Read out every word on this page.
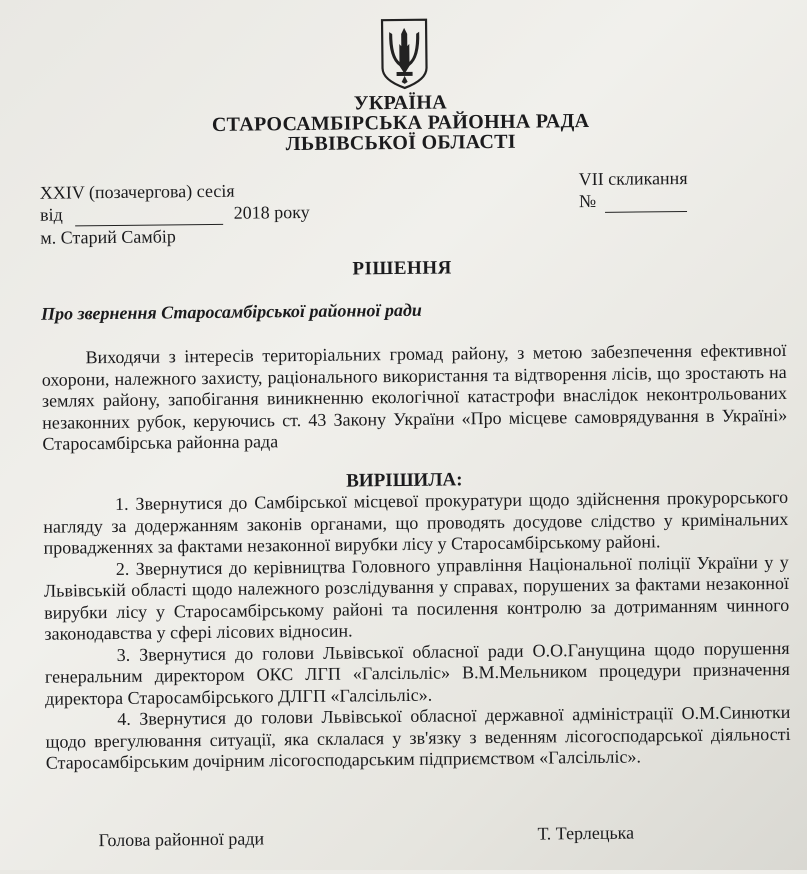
УКРАЇНА
СТАРОСАМБІРСЬКА РАЙОННА РАДА
ЛЬВІВСЬКОЇ ОБЛАСТІ
XXIV (позачергова) сесія
від	2018 року
м. Старий Самбір
VII скликання
№
РІШЕННЯ
Про звернення Старосамбірської районної ради
Виходячи з інтересів територіальних громад району, з метою забезпечення ефективної охорони, належного захисту, раціонального використання та відтворення лісів, що зростають на землях району, запобігання виникненню екологічної катастрофи внаслідок неконтрольованих незаконних рубок, керуючись ст. 43 Закону України «Про місцеве самоврядування в Україні» Старосамбірська районна рада
ВИРІШИЛА:

1. Звернутися до Самбірської місцевої прокуратури щодо здійснення прокурорського нагляду за додержанням законів органами, що проводять досудове слідство у кримінальних провадженнях за фактами незаконної вирубки лісу у Старосамбірському районі.

2. Звернутися до керівництва Головного управління Національної поліції України у у Львівській області щодо належного розслідування у справах, порушених за фактами незаконної вирубки лісу у Старосамбірському районі та посилення контролю за дотриманням чинного законодавства у сфері лісових відносин.

3. Звернутися до голови Львівської обласної ради О.О.Ганущина щодо порушення генеральним директором ОКС ЛГП «Галсільліс» В.М.Мельником процедури призначення директора Старосамбірського ДЛГП «Галсільліс».

4. Звернутися до голови Львівської обласної державної адміністрації О.М.Синютки щодо врегулювання ситуації, яка склалася у зв'язку з веденням лісогосподарської діяльності Старосамбірським дочірним лісогосподарським підприємством «Галсільліс».

Голова районної ради	Т. Терлецька
